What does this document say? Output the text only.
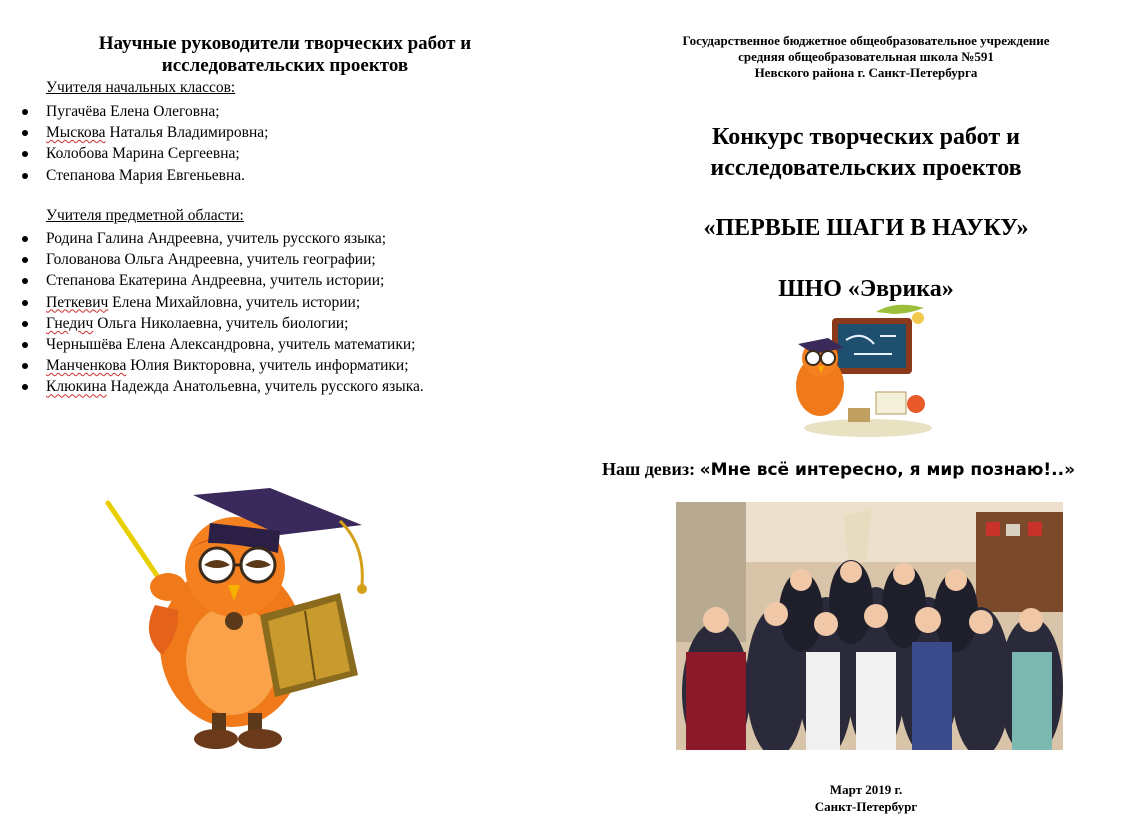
Научные руководители творческих работ и исследовательских проектов
Учителя начальных классов:
Пугачёва Елена Олеговна;
Мыскова Наталья Владимировна;
Колобова Марина Сергеевна;
Степанова Мария Евгеньевна.
Учителя предметной области:
Родина Галина Андреевна, учитель русского языка;
Голованова Ольга Андреевна, учитель географии;
Степанова Екатерина Андреевна, учитель истории;
Петкевич Елена Михайловна, учитель истории;
Гнедич Ольга Николаевна, учитель биологии;
Чернышёва Елена Александровна, учитель математики;
Манченкова Юлия Викторовна, учитель информатики;
Клюкина Надежда Анатольевна, учитель русского языка.
Государственное бюджетное общеобразовательное учреждение
средняя общеобразовательная школа №591
Невского района г. Санкт-Петербурга
Конкурс творческих работ и
исследовательских проектов
«ПЕРВЫЕ ШАГИ В НАУКУ»
ШНО «Эврика»
Наш девиз: «Мне всё интересно, я мир познаю!..»
Март 2019 г.
Санкт-Петербург
